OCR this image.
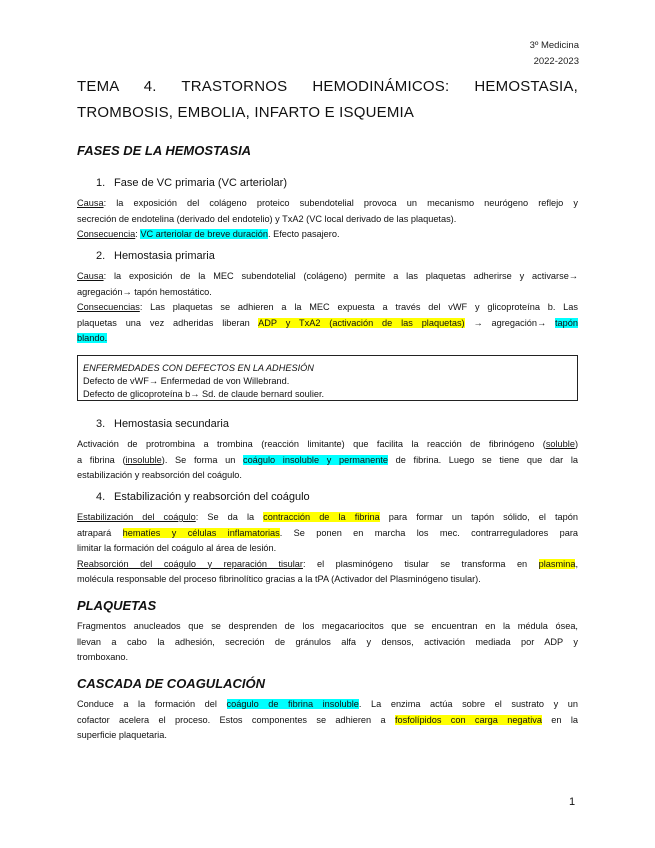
3º Medicina
2022-2023
TEMA 4. TRASTORNOS HEMODINÁMICOS: HEMOSTASIA, TROMBOSIS, EMBOLIA, INFARTO E ISQUEMIA
FASES DE LA HEMOSTASIA
1. Fase de VC primaria (VC arteriolar)
Causa: la exposición del colágeno proteico subendotelial provoca un mecanismo neurógeno reflejo y
secreción de endotelina (derivado del endotelio) y TxA2 (VC local derivado de las plaquetas).
Consecuencia: VC arteriolar de breve duración. Efecto pasajero.
2. Hemostasia primaria
Causa: la exposición de la MEC subendotelial (colágeno) permite a las plaquetas adherirse y activarse→
agregación→ tapón hemostático.
Consecuencias: Las plaquetas se adhieren a la MEC expuesta a través del vWF y glicoproteína b. Las
plaquetas una vez adheridas liberan ADP y TxA2 (activación de las plaquetas) → agregación→ tapón
blando.
ENFERMEDADES CON DEFECTOS EN LA ADHESIÓN
Defecto de vWF→ Enfermedad de von Willebrand.
Defecto de glicoproteína b→ Sd. de claude bernard soulier.
3. Hemostasia secundaria
Activación de protrombina a trombina (reacción limitante) que facilita la reacción de fibrinógeno (soluble)
a fibrina (insoluble). Se forma un coágulo insoluble y permanente de fibrina. Luego se tiene que dar la
estabilización y reabsorción del coágulo.
4. Estabilización y reabsorción del coágulo
Estabilización del coágulo: Se da la contracción de la fibrina para formar un tapón sólido, el tapón
atrapará hematíes y células inflamatorias. Se ponen en marcha los mec. contrarreguladores para
limitar la formación del coágulo al área de lesión.
Reabsorción del coágulo y reparación tisular: el plasminógeno tisular se transforma en plasmina,
molécula responsable del proceso fibrinolítico gracias a la tPA (Activador del Plasminógeno tisular).
PLAQUETAS
Fragmentos anucleados que se desprenden de los megacariocitos que se encuentran en la médula ósea,
llevan a cabo la adhesión, secreción de gránulos alfa y densos, activación mediada por ADP y
tromboxano.
CASCADA DE COAGULACIÓN
Conduce a la formación del coágulo de fibrina insoluble. La enzima actúa sobre el sustrato y un
cofactor acelera el proceso. Estos componentes se adhieren a fosfolípidos con carga negativa en la
superficie plaquetaria.
1
